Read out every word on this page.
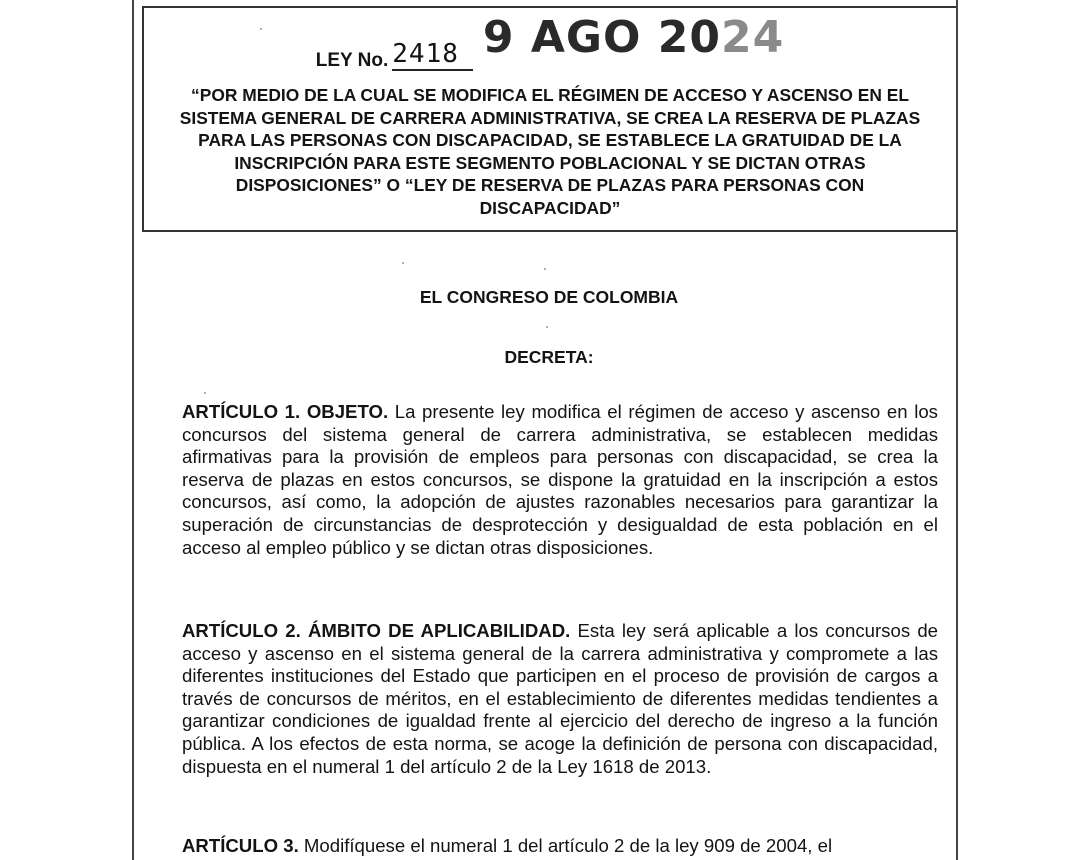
LEY No. 2418 9 AGO 2024
“POR MEDIO DE LA CUAL SE MODIFICA EL RÉGIMEN DE ACCESO Y ASCENSO EN EL SISTEMA GENERAL DE CARRERA ADMINISTRATIVA, SE CREA LA RESERVA DE PLAZAS PARA LAS PERSONAS CON DISCAPACIDAD, SE ESTABLECE LA GRATUIDAD DE LA INSCRIPCIÓN PARA ESTE SEGMENTO POBLACIONAL Y SE DICTAN OTRAS DISPOSICIONES” O “LEY DE RESERVA DE PLAZAS PARA PERSONAS CON DISCAPACIDAD”
EL CONGRESO DE COLOMBIA
DECRETA:
ARTÍCULO 1. OBJETO. La presente ley modifica el régimen de acceso y ascenso en los concursos del sistema general de carrera administrativa, se establecen medidas afirmativas para la provisión de empleos para personas con discapacidad, se crea la reserva de plazas en estos concursos, se dispone la gratuidad en la inscripción a estos concursos, así como, la adopción de ajustes razonables necesarios para garantizar la superación de circunstancias de desprotección y desigualdad de esta población en el acceso al empleo público y se dictan otras disposiciones.
ARTÍCULO 2. ÁMBITO DE APLICABILIDAD. Esta ley será aplicable a los concursos de acceso y ascenso en el sistema general de la carrera administrativa y compromete a las diferentes instituciones del Estado que participen en el proceso de provisión de cargos a través de concursos de méritos, en el establecimiento de diferentes medidas tendientes a garantizar condiciones de igualdad frente al ejercicio del derecho de ingreso a la función pública. A los efectos de esta norma, se acoge la definición de persona con discapacidad, dispuesta en el numeral 1 del artículo 2 de la Ley 1618 de 2013.
ARTÍCULO 3. Modifíquese el numeral 1 del artículo 2 de la ley 909 de 2004, el
